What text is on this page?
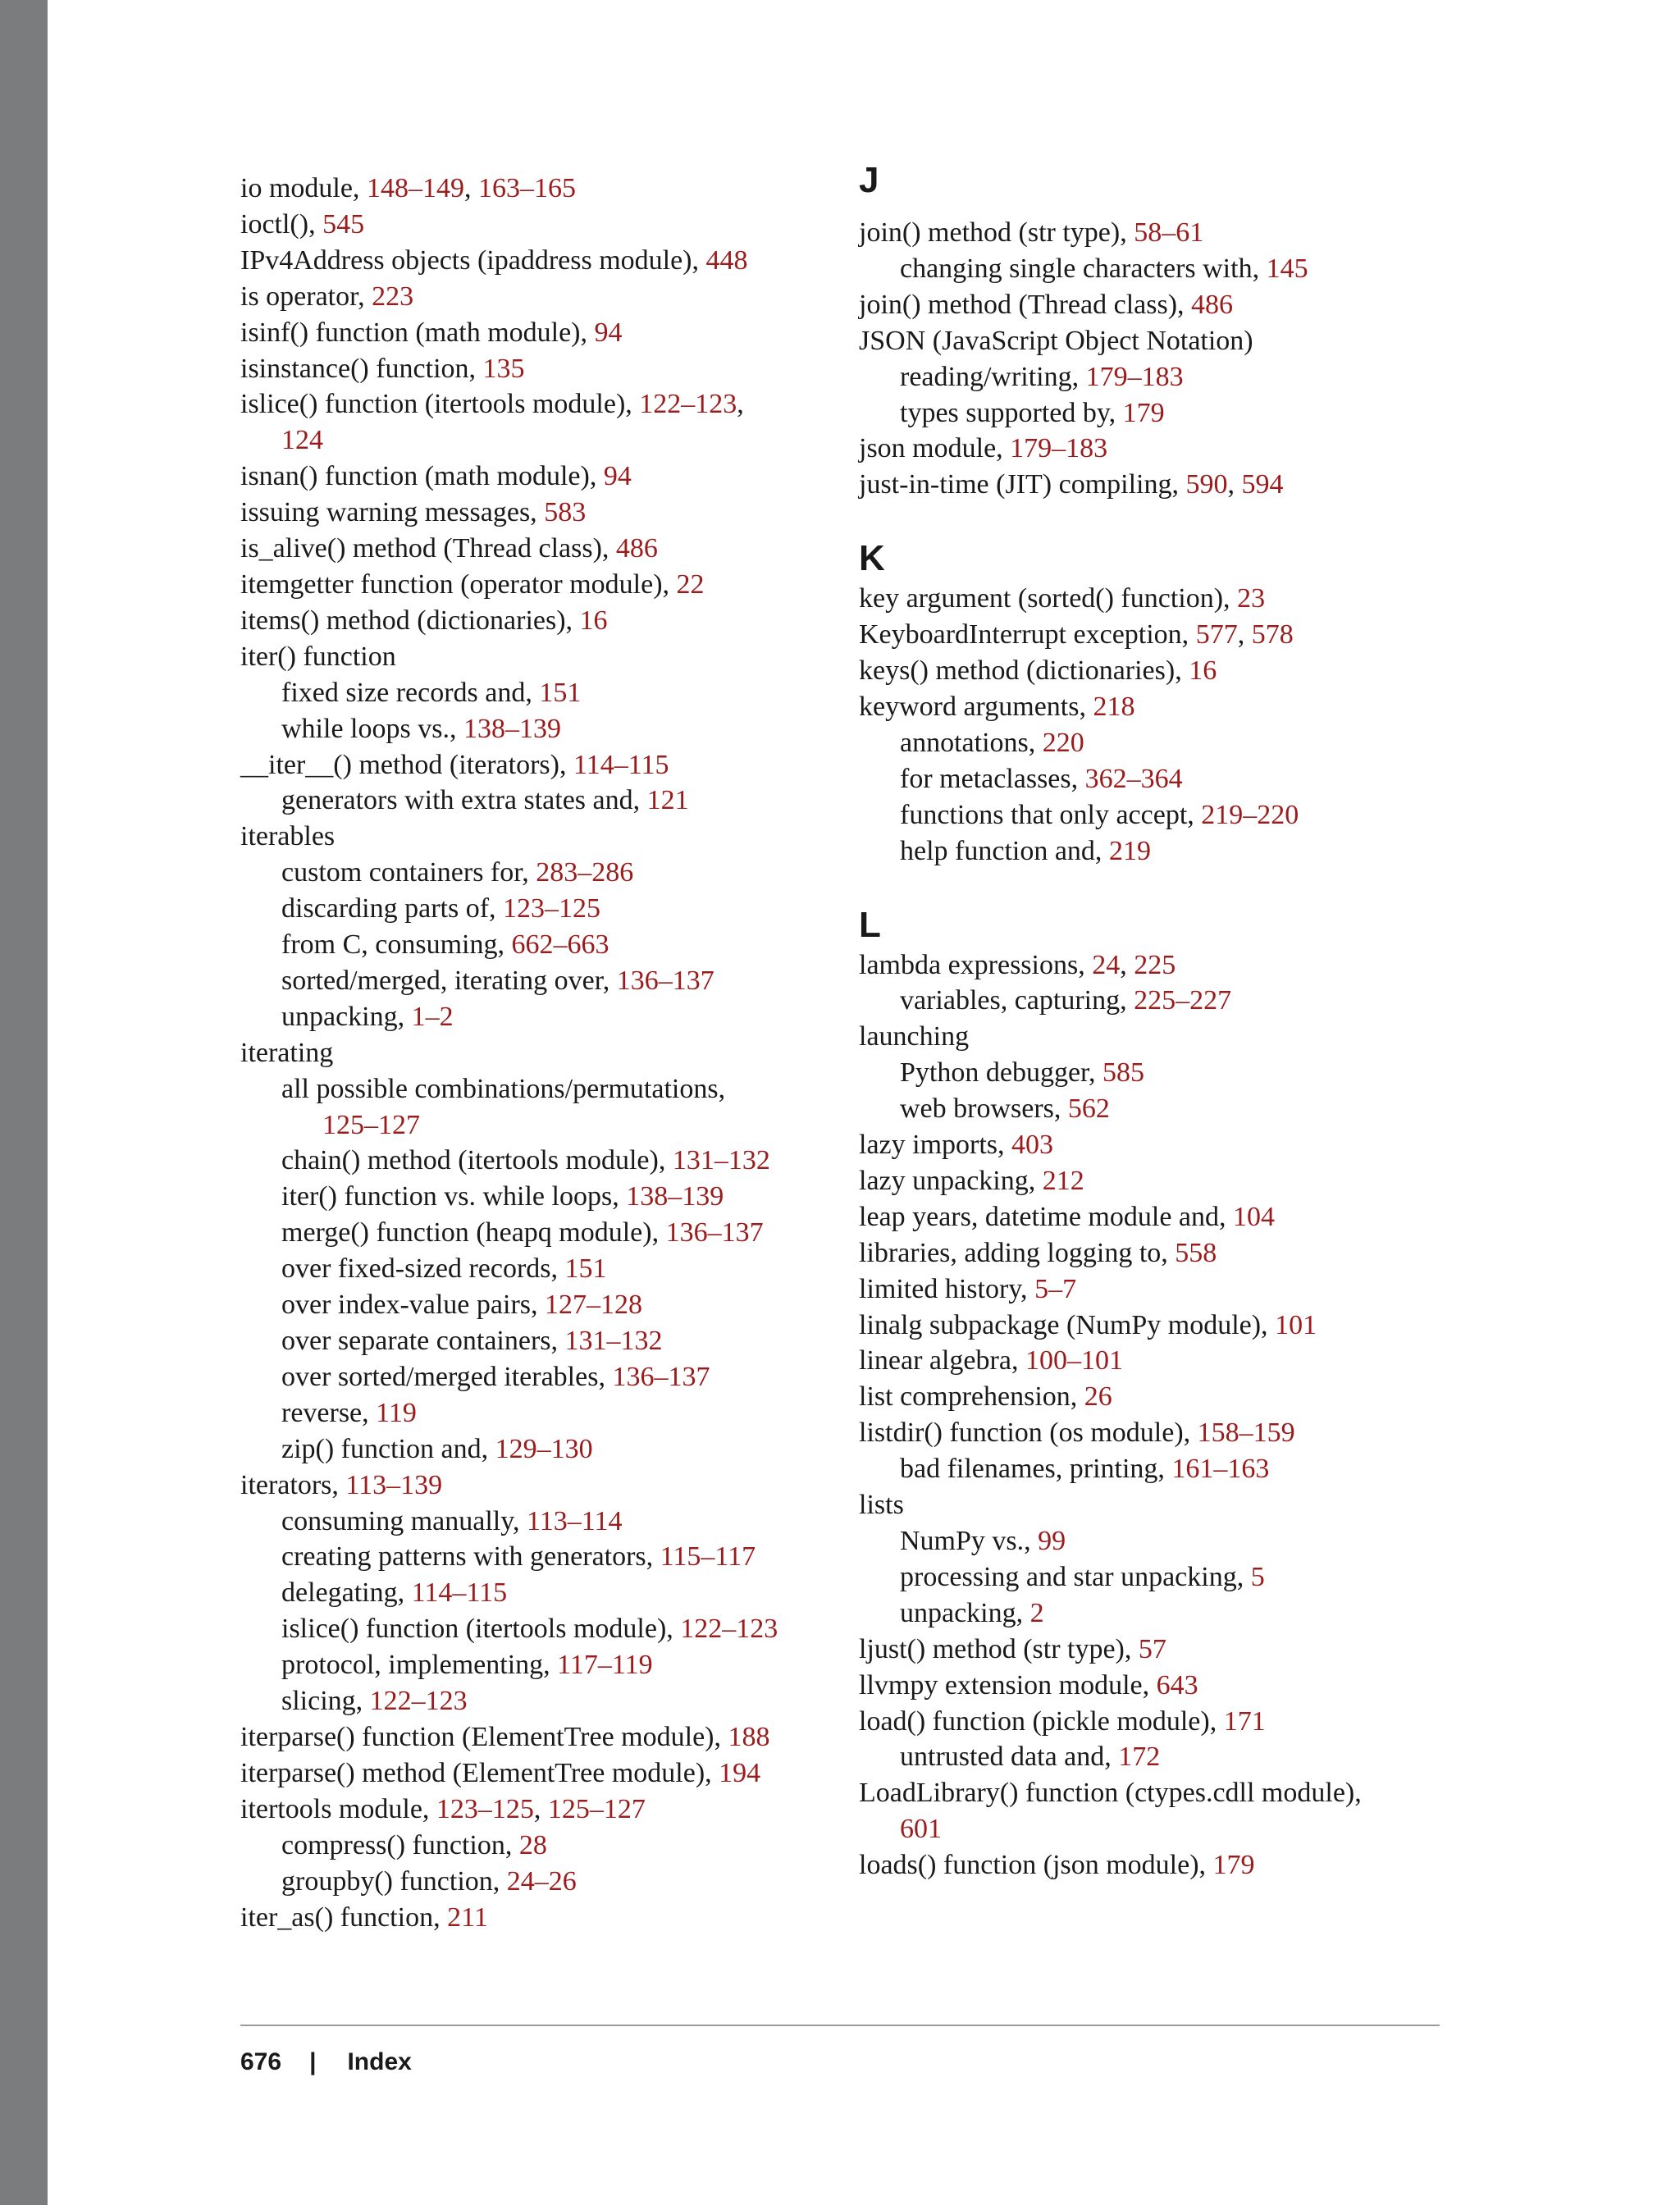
io module, 148–149, 163–165
ioctl(), 545
IPv4Address objects (ipaddress module), 448
is operator, 223
isinf() function (math module), 94
isinstance() function, 135
islice() function (itertools module), 122–123,
124
isnan() function (math module), 94
issuing warning messages, 583
is_alive() method (Thread class), 486
itemgetter function (operator module), 22
items() method (dictionaries), 16
iter() function
fixed size records and, 151
while loops vs., 138–139
__iter__() method (iterators), 114–115
generators with extra states and, 121
iterables
custom containers for, 283–286
discarding parts of, 123–125
from C, consuming, 662–663
sorted/merged, iterating over, 136–137
unpacking, 1–2
iterating
all possible combinations/permutations,
125–127
chain() method (itertools module), 131–132
iter() function vs. while loops, 138–139
merge() function (heapq module), 136–137
over fixed-sized records, 151
over index-value pairs, 127–128
over separate containers, 131–132
over sorted/merged iterables, 136–137
reverse, 119
zip() function and, 129–130
iterators, 113–139
consuming manually, 113–114
creating patterns with generators, 115–117
delegating, 114–115
islice() function (itertools module), 122–123
protocol, implementing, 117–119
slicing, 122–123
iterparse() function (ElementTree module), 188
iterparse() method (ElementTree module), 194
itertools module, 123–125, 125–127
compress() function, 28
groupby() function, 24–26
iter_as() function, 211
J
join() method (str type), 58–61
changing single characters with, 145
join() method (Thread class), 486
JSON (JavaScript Object Notation)
reading/writing, 179–183
types supported by, 179
json module, 179–183
just-in-time (JIT) compiling, 590, 594
K
key argument (sorted() function), 23
KeyboardInterrupt exception, 577, 578
keys() method (dictionaries), 16
keyword arguments, 218
annotations, 220
for metaclasses, 362–364
functions that only accept, 219–220
help function and, 219
L
lambda expressions, 24, 225
variables, capturing, 225–227
launching
Python debugger, 585
web browsers, 562
lazy imports, 403
lazy unpacking, 212
leap years, datetime module and, 104
libraries, adding logging to, 558
limited history, 5–7
linalg subpackage (NumPy module), 101
linear algebra, 100–101
list comprehension, 26
listdir() function (os module), 158–159
bad filenames, printing, 161–163
lists
NumPy vs., 99
processing and star unpacking, 5
unpacking, 2
ljust() method (str type), 57
llvmpy extension module, 643
load() function (pickle module), 171
untrusted data and, 172
LoadLibrary() function (ctypes.cdll module),
601
loads() function (json module), 179
676 | Index
